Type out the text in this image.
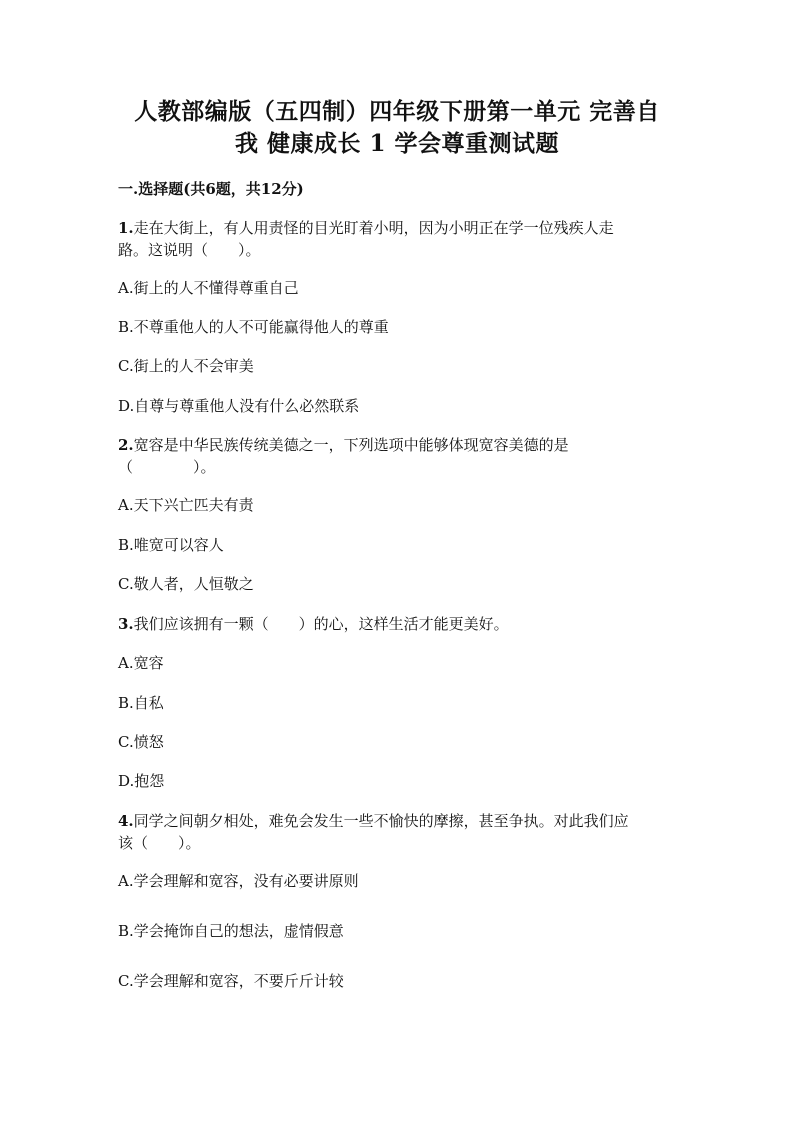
人教部编版（五四制）四年级下册第一单元 完善自
我 健康成长 1 学会尊重测试题
一.选择题(共6题，共12分)
1.走在大街上，有人用责怪的目光盯着小明，因为小明正在学一位残疾人走
路。这说明（　　）。
A.街上的人不懂得尊重自己
B.不尊重他人的人不可能赢得他人的尊重
C.街上的人不会审美
D.自尊与尊重他人没有什么必然联系
2.宽容是中华民族传统美德之一，下列选项中能够体现宽容美德的是
（　　　　）。
A.天下兴亡匹夫有责
B.唯宽可以容人
C.敬人者，人恒敬之
3.我们应该拥有一颗（　　）的心，这样生活才能更美好。
A.宽容
B.自私
C.愤怒
D.抱怨
4.同学之间朝夕相处，难免会发生一些不愉快的摩擦，甚至争执。对此我们应
该（　　）。
A.学会理解和宽容，没有必要讲原则
B.学会掩饰自己的想法，虚情假意
C.学会理解和宽容，不要斤斤计较
